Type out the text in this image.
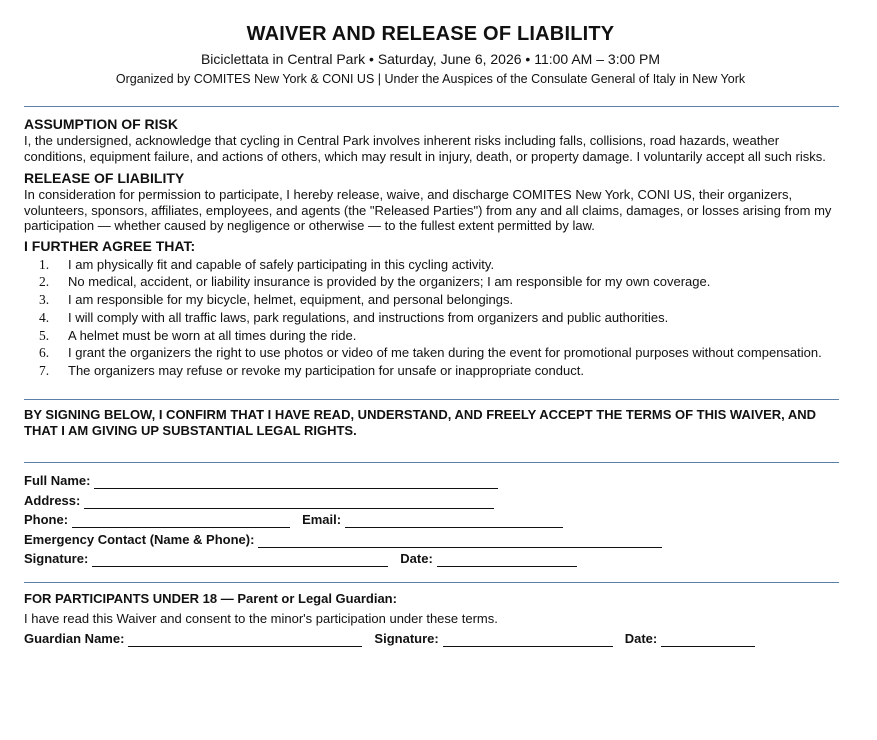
WAIVER AND RELEASE OF LIABILITY
Biciclettata in Central Park • Saturday, June 6, 2026 • 11:00 AM – 3:00 PM
Organized by COMITES New York & CONI US | Under the Auspices of the Consulate General of Italy in New York
ASSUMPTION OF RISK
I, the undersigned, acknowledge that cycling in Central Park involves inherent risks including falls, collisions, road hazards, weather conditions, equipment failure, and actions of others, which may result in injury, death, or property damage. I voluntarily accept all such risks.
RELEASE OF LIABILITY
In consideration for permission to participate, I hereby release, waive, and discharge COMITES New York, CONI US, their organizers, volunteers, sponsors, affiliates, employees, and agents (the "Released Parties") from any and all claims, damages, or losses arising from my participation — whether caused by negligence or otherwise — to the fullest extent permitted by law.
I FURTHER AGREE THAT:
1.	I am physically fit and capable of safely participating in this cycling activity.
2.	No medical, accident, or liability insurance is provided by the organizers; I am responsible for my own coverage.
3.	I am responsible for my bicycle, helmet, equipment, and personal belongings.
4.	I will comply with all traffic laws, park regulations, and instructions from organizers and public authorities.
5.	A helmet must be worn at all times during the ride.
6.	I grant the organizers the right to use photos or video of me taken during the event for promotional purposes without compensation.
7.	The organizers may refuse or revoke my participation for unsafe or inappropriate conduct.
BY SIGNING BELOW, I CONFIRM THAT I HAVE READ, UNDERSTAND, AND FREELY ACCEPT THE TERMS OF THIS WAIVER, AND THAT I AM GIVING UP SUBSTANTIAL LEGAL RIGHTS.
Full Name:
Address:
Phone:	Email:
Emergency Contact (Name & Phone):
Signature:	Date:
FOR PARTICIPANTS UNDER 18 — Parent or Legal Guardian:
I have read this Waiver and consent to the minor's participation under these terms.
Guardian Name:	Signature:	Date:
